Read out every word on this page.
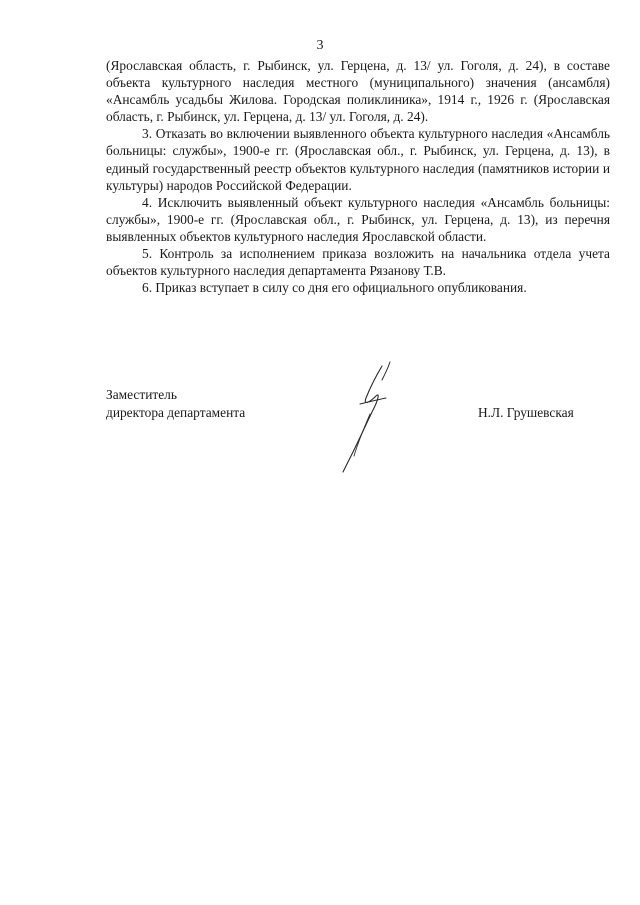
3

(Ярославская область, г. Рыбинск, ул. Герцена, д. 13/ ул. Гоголя, д. 24), в составе объекта культурного наследия местного (муниципального) значения (ансамбля) «Ансамбль усадьбы Жилова. Городская поликлиника», 1914 г., 1926 г. (Ярославская область, г. Рыбинск, ул. Герцена, д. 13/ ул. Гоголя, д. 24).

3. Отказать во включении выявленного объекта культурного наследия «Ансамбль больницы: службы», 1900-е гг. (Ярославская обл., г. Рыбинск, ул. Герцена, д. 13), в единый государственный реестр объектов культурного наследия (памятников истории и культуры) народов Российской Федерации.

4. Исключить выявленный объект культурного наследия «Ансамбль больницы: службы», 1900-е гг. (Ярославская обл., г. Рыбинск, ул. Герцена, д. 13), из перечня выявленных объектов культурного наследия Ярославской области.

5. Контроль за исполнением приказа возложить на начальника отдела учета объектов культурного наследия департамента Рязанову Т.В.

6. Приказ вступает в силу со дня его официального опубликования.

Заместитель
директора департамента	Н.Л. Грушевская
